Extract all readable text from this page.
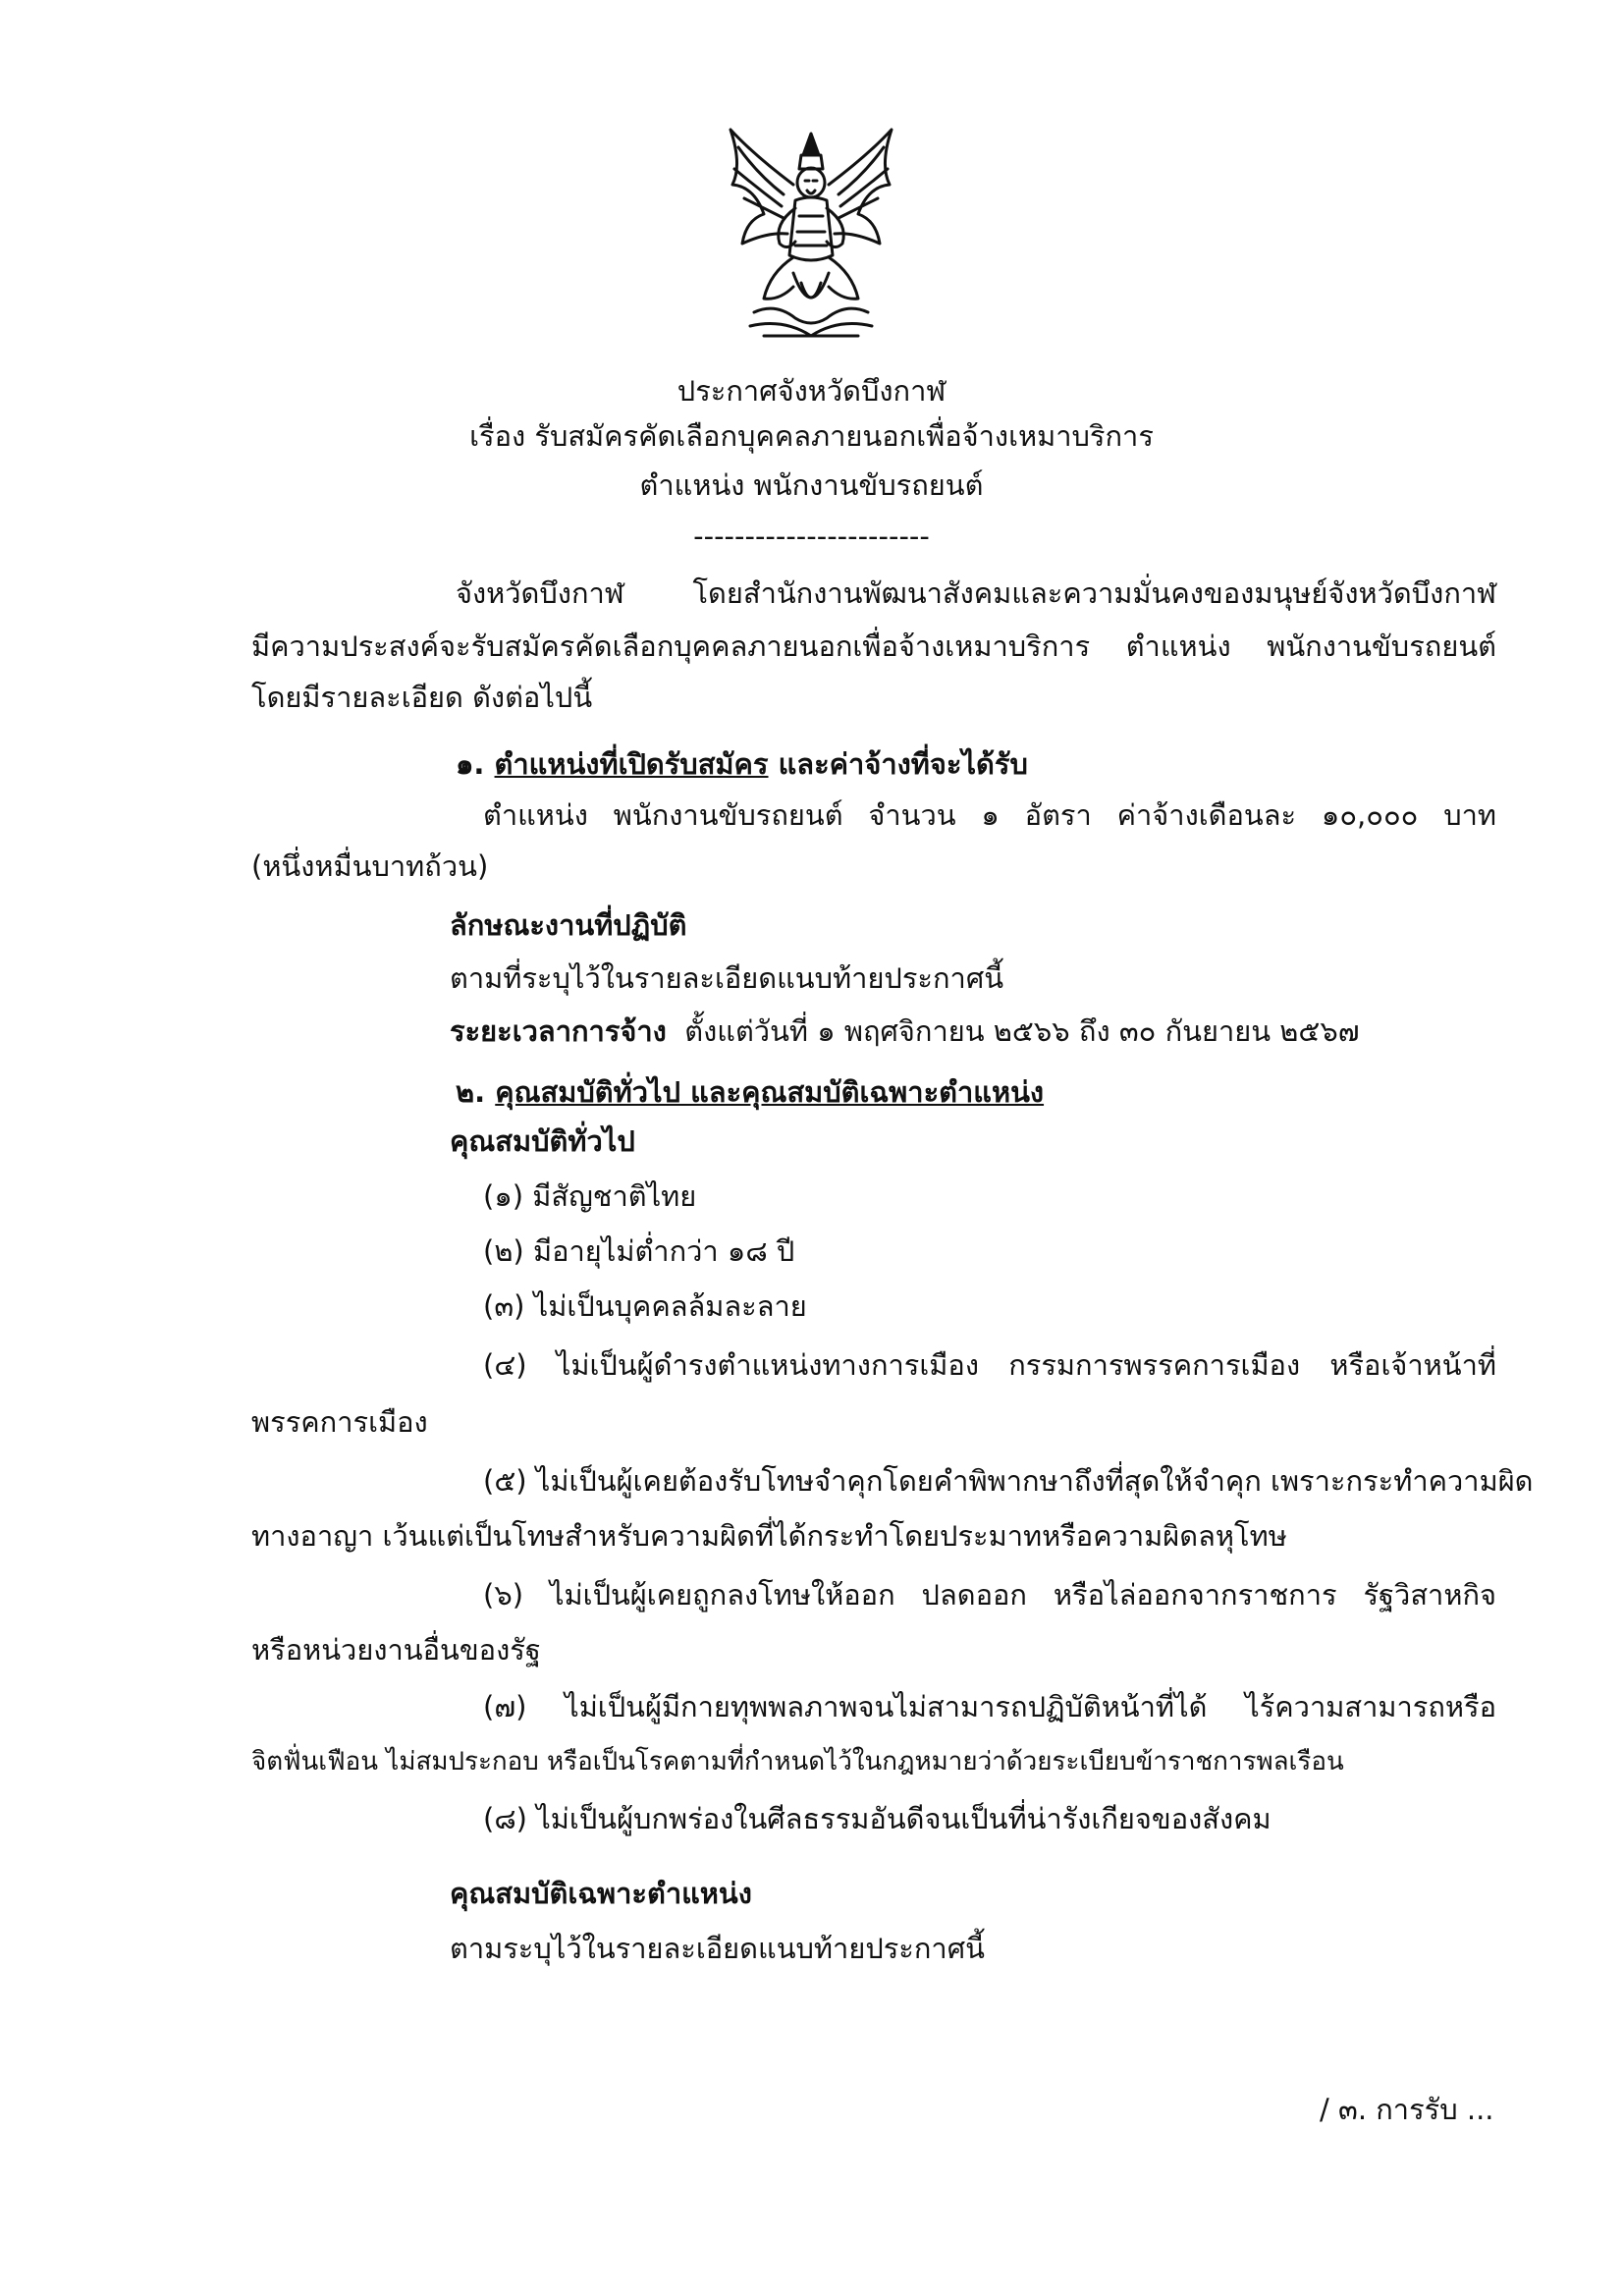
ประกาศจังหวัดบึงกาฬ
เรื่อง รับสมัครคัดเลือกบุคคลภายนอกเพื่อจ้างเหมาบริการ
ตำแหน่ง พนักงานขับรถยนต์
-----------------------
จังหวัดบึงกาฬ โดยสำนักงานพัฒนาสังคมและความมั่นคงของมนุษย์จังหวัดบึงกาฬ
มีความประสงค์จะรับสมัครคัดเลือกบุคคลภายนอกเพื่อจ้างเหมาบริการ ตำแหน่ง พนักงานขับรถยนต์
โดยมีรายละเอียด ดังต่อไปนี้
๑. ตำแหน่งที่เปิดรับสมัคร และค่าจ้างที่จะได้รับ
ตำแหน่ง พนักงานขับรถยนต์ จำนวน ๑ อัตรา ค่าจ้างเดือนละ ๑๐,๐๐๐ บาท
(หนึ่งหมื่นบาทถ้วน)
ลักษณะงานที่ปฏิบัติ
ตามที่ระบุไว้ในรายละเอียดแนบท้ายประกาศนี้
ระยะเวลาการจ้าง ตั้งแต่วันที่ ๑ พฤศจิกายน ๒๕๖๖ ถึง ๓๐ กันยายน ๒๕๖๗
๒. คุณสมบัติทั่วไป และคุณสมบัติเฉพาะตำแหน่ง
คุณสมบัติทั่วไป
(๑) มีสัญชาติไทย
(๒) มีอายุไม่ต่ำกว่า ๑๘ ปี
(๓) ไม่เป็นบุคคลล้มละลาย
(๔) ไม่เป็นผู้ดำรงตำแหน่งทางการเมือง กรรมการพรรคการเมือง หรือเจ้าหน้าที่
พรรคการเมือง
(๕) ไม่เป็นผู้เคยต้องรับโทษจำคุกโดยคำพิพากษาถึงที่สุดให้จำคุก เพราะกระทำความผิด
ทางอาญา เว้นแต่เป็นโทษสำหรับความผิดที่ได้กระทำโดยประมาทหรือความผิดลหุโทษ
(๖) ไม่เป็นผู้เคยถูกลงโทษให้ออก ปลดออก หรือไล่ออกจากราชการ รัฐวิสาหกิจ
หรือหน่วยงานอื่นของรัฐ
(๗) ไม่เป็นผู้มีกายทุพพลภาพจนไม่สามารถปฏิบัติหน้าที่ได้ ไร้ความสามารถหรือ
จิตฟั่นเฟือน ไม่สมประกอบ หรือเป็นโรคตามที่กำหนดไว้ในกฎหมายว่าด้วยระเบียบข้าราชการพลเรือน
(๘) ไม่เป็นผู้บกพร่องในศีลธรรมอันดีจนเป็นที่น่ารังเกียจของสังคม
คุณสมบัติเฉพาะตำแหน่ง
ตามระบุไว้ในรายละเอียดแนบท้ายประกาศนี้
/ ๓. การรับ ...
